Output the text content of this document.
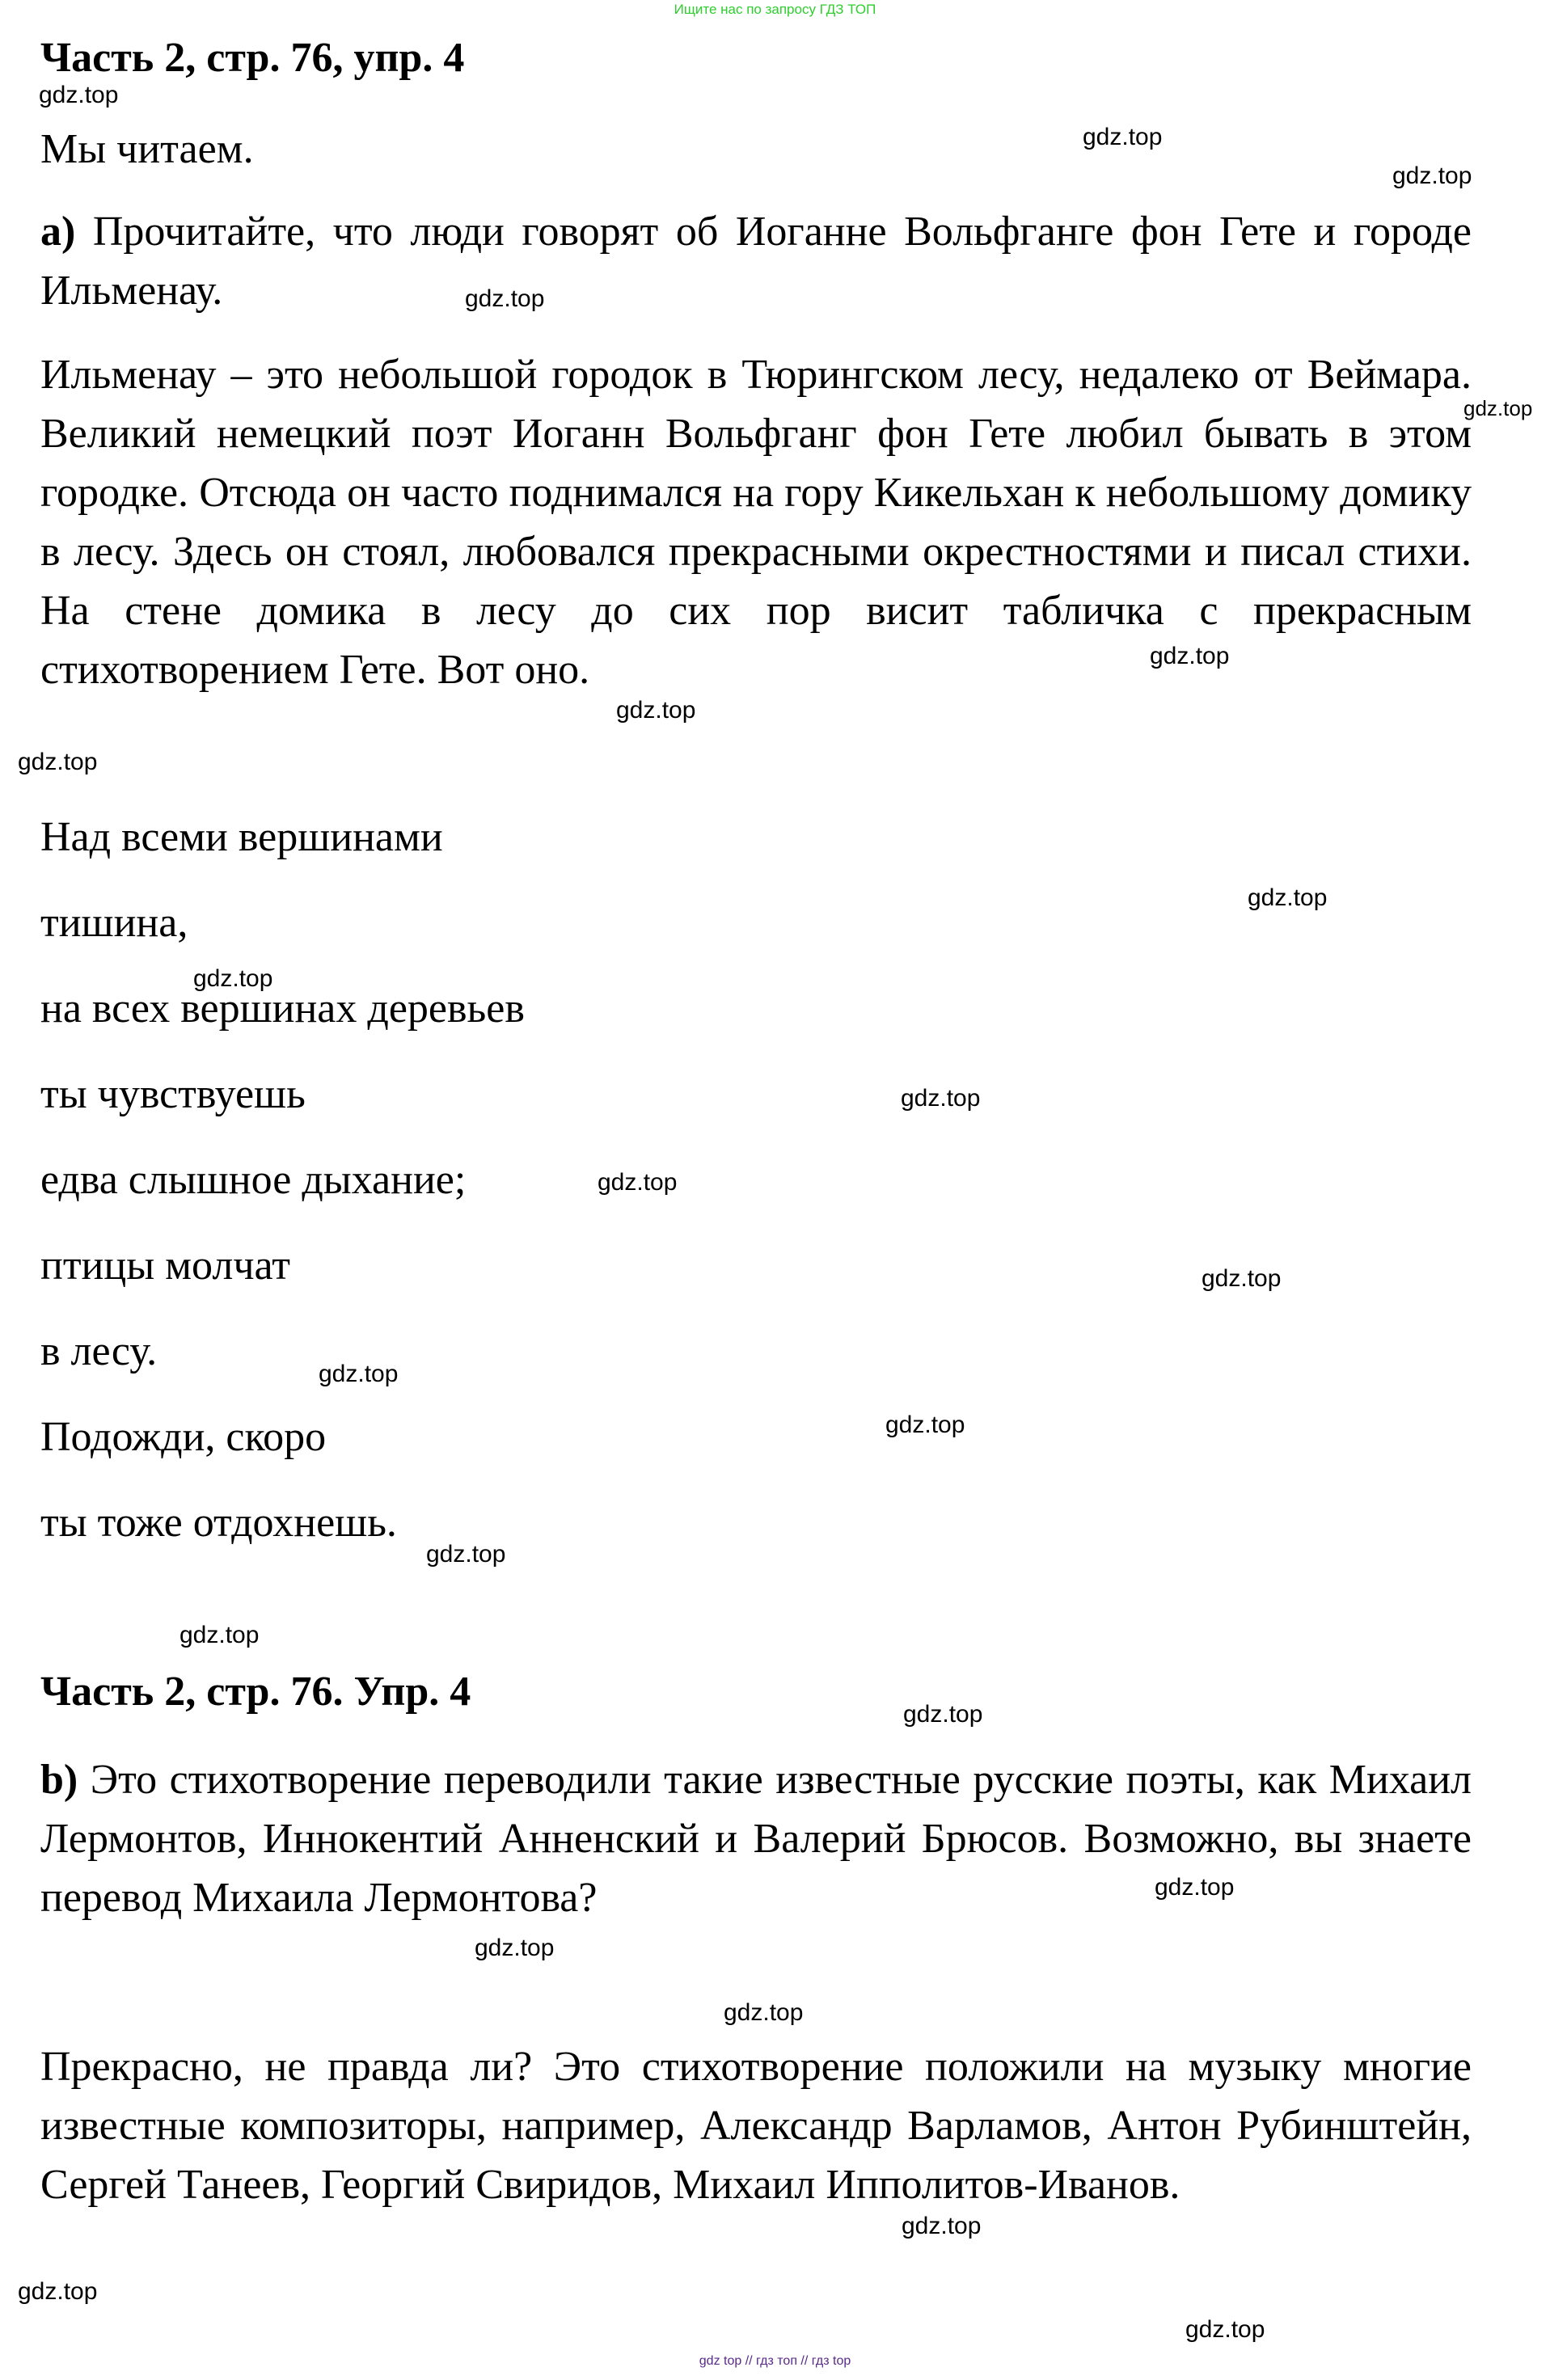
Ищите нас по запросу ГДЗ ТОП
Часть 2, стр. 76, упр. 4

Мы читаем.

a) Прочитайте, что люди говорят об Иоганне Вольфганге фон Гете и городе Ильменау.

Ильменау – это небольшой городок в Тюрингском лесу, недалеко от Веймара. Великий немецкий поэт Иоганн Вольфганг фон Гете любил бывать в этом городке. Отсюда он часто поднимался на гору Кикельхан к небольшому домику в лесу. Здесь он стоял, любовался прекрасными окрестностями и писал стихи. На стене домика в лесу до сих пор висит табличка с прекрасным стихотворением Гете. Вот оно.

Над всеми вершинами

тишина,

на всех вершинах деревьев

ты чувствуешь

едва слышное дыхание;

птицы молчат

в лесу.

Подожди, скоро

ты тоже отдохнешь.

Часть 2, стр. 76. Упр. 4

b) Это стихотворение переводили такие известные русские поэты, как Михаил Лермонтов, Иннокентий Анненский и Валерий Брюсов. Возможно, вы знаете перевод Михаила Лермонтова?

Прекрасно, не правда ли? Это стихотворение положили на музыку многие известные композиторы, например, Александр Варламов, Антон Рубинштейн, Сергей Танеев, Георгий Свиридов, Михаил Ипполитов-Иванов.

gdz.top
gdz.top
gdz.top
gdz.top
gdz.top
gdz.top
gdz.top
gdz.top
gdz.top
gdz.top
gdz.top
gdz.top
gdz.top
gdz.top
gdz.top
gdz.top
gdz.top
gdz.top
gdz.top
gdz.top
gdz.top
gdz.top
gdz.top
gdz.top
gdz top // гдз топ // гдз top
